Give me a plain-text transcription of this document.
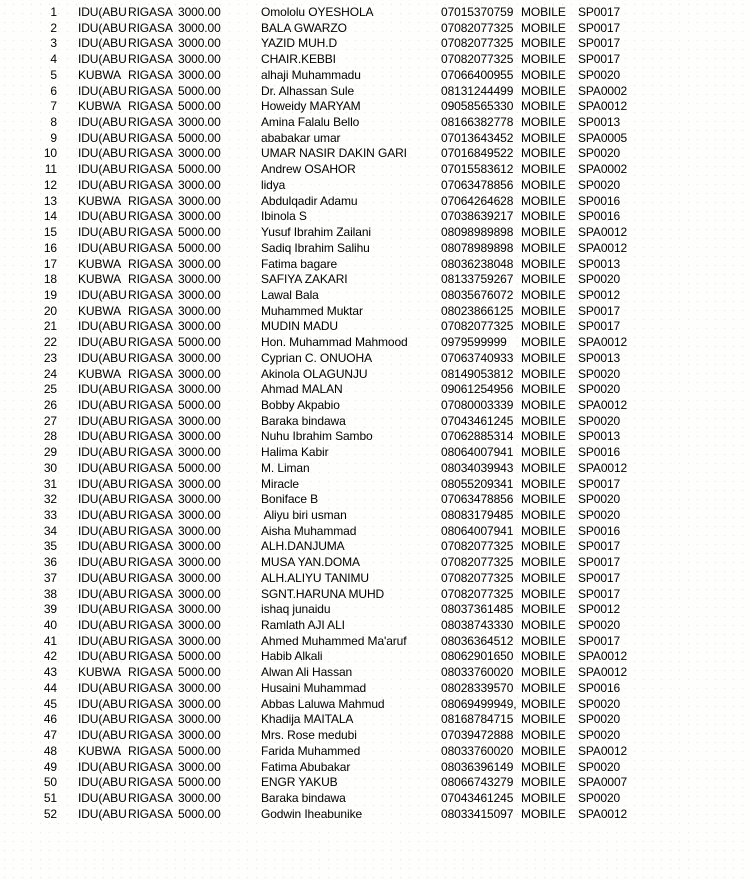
1 IDU(ABU RIGASA 3000.00	Omololu OYESHOLA	07015370759 MOBILE SP0017
2 IDU(ABU RIGASA 3000.00	BALA GWARZO	07082077325 MOBILE SP0017
3 IDU(ABU RIGASA 3000.00	YAZID MUH.D	07082077325 MOBILE SP0017
4 IDU(ABU RIGASA 3000.00	CHAIR.KEBBI	07082077325 MOBILE SP0017
5 KUBWA RIGASA 3000.00	alhaji Muhammadu	07066400955 MOBILE SP0020
6 IDU(ABU RIGASA 5000.00	Dr. Alhassan Sule	08131244499 MOBILE SPA0002
7 KUBWA RIGASA 5000.00	Howeidy MARYAM	09058565330 MOBILE SPA0012
8 IDU(ABU RIGASA 3000.00	Amina Falalu Bello	08166382778 MOBILE SP0013
9 IDU(ABU RIGASA 5000.00	ababakar umar	07013643452 MOBILE SPA0005
10 IDU(ABU RIGASA 3000.00	UMAR NASIR DAKIN GARI	07016849522 MOBILE SP0020
11 IDU(ABU RIGASA 5000.00	Andrew OSAHOR	07015583612 MOBILE SPA0002
12 IDU(ABU RIGASA 3000.00	lidya	07063478856 MOBILE SP0020
13 KUBWA RIGASA 3000.00	Abdulqadir Adamu	07064264628 MOBILE SP0016
14 IDU(ABU RIGASA 3000.00	Ibinola S	07038639217 MOBILE SP0016
15 IDU(ABU RIGASA 5000.00	Yusuf Ibrahim Zailani	08098989898 MOBILE SPA0012
16 IDU(ABU RIGASA 5000.00	Sadiq Ibrahim Salihu	08078989898 MOBILE SPA0012
17 KUBWA RIGASA 3000.00	Fatima bagare	08036238048 MOBILE SP0013
18 KUBWA RIGASA 3000.00	SAFIYA ZAKARI	08133759267 MOBILE SP0020
19 IDU(ABU RIGASA 3000.00	Lawal Bala	08035676072 MOBILE SP0012
20 KUBWA RIGASA 3000.00	Muhammed Muktar	08023866125 MOBILE SP0017
21 IDU(ABU RIGASA 3000.00	MUDIN MADU	07082077325 MOBILE SP0017
22 IDU(ABU RIGASA 5000.00	Hon. Muhammad Mahmood	0979599999 MOBILE SPA0012
23 IDU(ABU RIGASA 3000.00	Cyprian C. ONUOHA	07063740933 MOBILE SP0013
24 KUBWA RIGASA 3000.00	Akinola OLAGUNJU	08149053812 MOBILE SP0020
25 IDU(ABU RIGASA 3000.00	Ahmad MALAN	09061254956 MOBILE SP0020
26 IDU(ABU RIGASA 5000.00	Bobby Akpabio	07080003339 MOBILE SPA0012
27 IDU(ABU RIGASA 3000.00	Baraka bindawa	07043461245 MOBILE SP0020
28 IDU(ABU RIGASA 3000.00	Nuhu Ibrahim Sambo	07062885314 MOBILE SP0013
29 IDU(ABU RIGASA 3000.00	Halima Kabir	08064007941 MOBILE SP0016
30 IDU(ABU RIGASA 5000.00	M. Liman	08034039943 MOBILE SPA0012
31 IDU(ABU RIGASA 3000.00	Miracle	08055209341 MOBILE SP0017
32 IDU(ABU RIGASA 3000.00	Boniface B	07063478856 MOBILE SP0020
33 IDU(ABU RIGASA 3000.00	Aliyu biri usman	08083179485 MOBILE SP0020
34 IDU(ABU RIGASA 3000.00	Aisha Muhammad	08064007941 MOBILE SP0016
35 IDU(ABU RIGASA 3000.00	ALH.DANJUMA	07082077325 MOBILE SP0017
36 IDU(ABU RIGASA 3000.00	MUSA YAN.DOMA	07082077325 MOBILE SP0017
37 IDU(ABU RIGASA 3000.00	ALH.ALIYU TANIMU	07082077325 MOBILE SP0017
38 IDU(ABU RIGASA 3000.00	SGNT.HARUNA MUHD	07082077325 MOBILE SP0017
39 IDU(ABU RIGASA 3000.00	ishaq junaidu	08037361485 MOBILE SP0012
40 IDU(ABU RIGASA 3000.00	Ramlath AJI ALI	08038743330 MOBILE SP0020
41 IDU(ABU RIGASA 3000.00	Ahmed Muhammed Ma'aruf	08036364512 MOBILE SP0017
42 IDU(ABU RIGASA 5000.00	Habib Alkali	08062901650 MOBILE SPA0012
43 KUBWA RIGASA 5000.00	Alwan Ali Hassan	08033760020 MOBILE SPA0012
44 IDU(ABU RIGASA 3000.00	Husaini Muhammad	08028339570 MOBILE SP0016
45 IDU(ABU RIGASA 3000.00	Abbas Laluwa Mahmud	08069499949, MOBILE SP0020
46 IDU(ABU RIGASA 3000.00	Khadija MAITALA	08168784715 MOBILE SP0020
47 IDU(ABU RIGASA 3000.00	Mrs. Rose medubi	07039472888 MOBILE SP0020
48 KUBWA RIGASA 5000.00	Farida Muhammed	08033760020 MOBILE SPA0012
49 IDU(ABU RIGASA 3000.00	Fatima Abubakar	08036396149 MOBILE SP0020
50 IDU(ABU RIGASA 5000.00	ENGR YAKUB	08066743279 MOBILE SPA0007
51 IDU(ABU RIGASA 3000.00	Baraka bindawa	07043461245 MOBILE SP0020
52 IDU(ABU RIGASA 5000.00	Godwin Iheabunike	08033415097 MOBILE SPA0012
